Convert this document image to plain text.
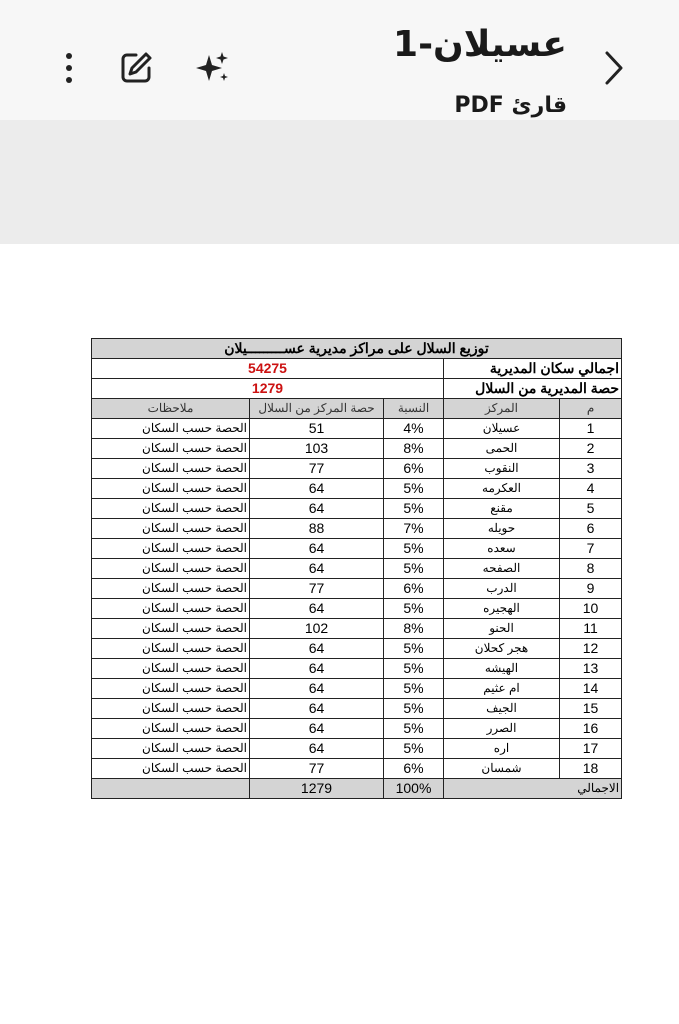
عسيلان-1
قارئ PDF
توزيع السلال على مراكز مديرية عســـــــــيلان				
54275			اجمالي سكان المديرية	
1279			حصة المديرية من السلال	
ملاحظات	حصة المركز من السلال	النسبة	المركز	م
الحصة حسب السكان	51	4%	عسيلان	1
الحصة حسب السكان	103	8%	الحمى	2
الحصة حسب السكان	77	6%	النقوب	3
الحصة حسب السكان	64	5%	العكرمه	4
الحصة حسب السكان	64	5%	مقنع	5
الحصة حسب السكان	88	7%	حويله	6
الحصة حسب السكان	64	5%	سعده	7
الحصة حسب السكان	64	5%	الصفحه	8
الحصة حسب السكان	77	6%	الدرب	9
الحصة حسب السكان	64	5%	الهجيره	10
الحصة حسب السكان	102	8%	الحنو	11
الحصة حسب السكان	64	5%	هجر كحلان	12
الحصة حسب السكان	64	5%	الهيشه	13
الحصة حسب السكان	64	5%	ام عثيم	14
الحصة حسب السكان	64	5%	الجيف	15
الحصة حسب السكان	64	5%	الصرر	16
الحصة حسب السكان	64	5%	اره	17
الحصة حسب السكان	77	6%	شمسان	18
	1279	100%	الاجمالي	
